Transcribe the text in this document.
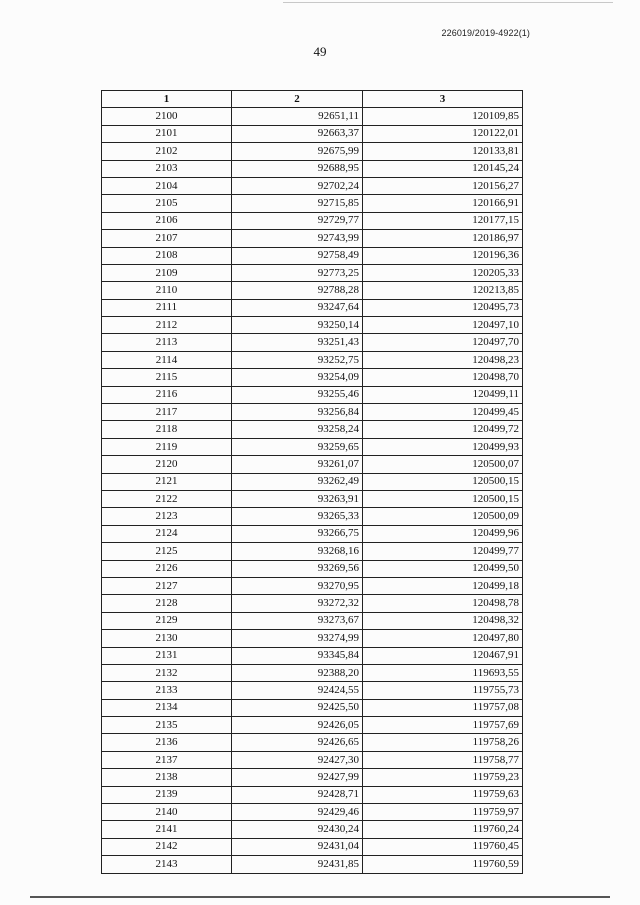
226019/2019-4922(1)
49
1	2	3
2100	92651,11	120109,85
2101	92663,37	120122,01
2102	92675,99	120133,81
2103	92688,95	120145,24
2104	92702,24	120156,27
2105	92715,85	120166,91
2106	92729,77	120177,15
2107	92743,99	120186,97
2108	92758,49	120196,36
2109	92773,25	120205,33
2110	92788,28	120213,85
2111	93247,64	120495,73
2112	93250,14	120497,10
2113	93251,43	120497,70
2114	93252,75	120498,23
2115	93254,09	120498,70
2116	93255,46	120499,11
2117	93256,84	120499,45
2118	93258,24	120499,72
2119	93259,65	120499,93
2120	93261,07	120500,07
2121	93262,49	120500,15
2122	93263,91	120500,15
2123	93265,33	120500,09
2124	93266,75	120499,96
2125	93268,16	120499,77
2126	93269,56	120499,50
2127	93270,95	120499,18
2128	93272,32	120498,78
2129	93273,67	120498,32
2130	93274,99	120497,80
2131	93345,84	120467,91
2132	92388,20	119693,55
2133	92424,55	119755,73
2134	92425,50	119757,08
2135	92426,05	119757,69
2136	92426,65	119758,26
2137	92427,30	119758,77
2138	92427,99	119759,23
2139	92428,71	119759,63
2140	92429,46	119759,97
2141	92430,24	119760,24
2142	92431,04	119760,45
2143	92431,85	119760,59
